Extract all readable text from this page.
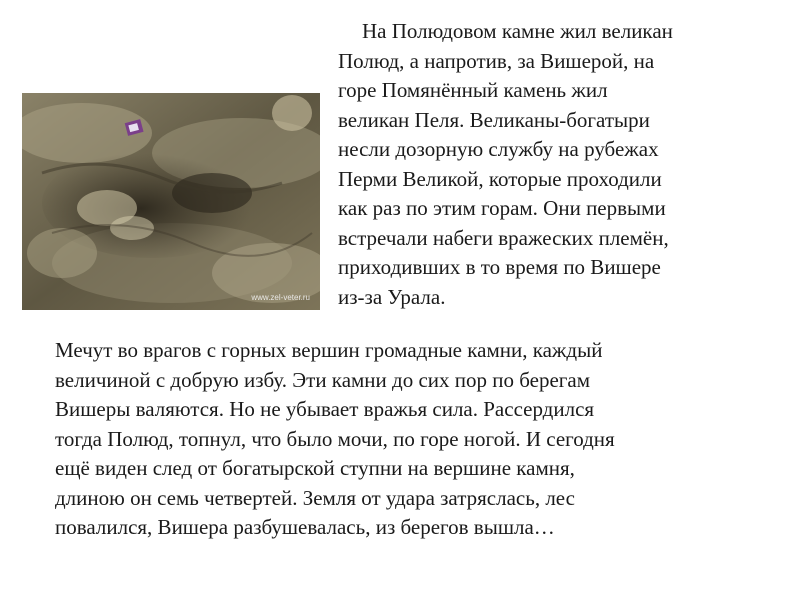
www.zel-veter.ru

На Полюдовом камне жил великан
Полюд, а напротив, за Вишерой, на
горе Помянённый камень жил
великан Пеля. Великаны-богатыри
несли дозорную службу на рубежах
Перми Великой, которые проходили
как раз по этим горам. Они первыми
встречали набеги вражеских племён,
приходивших в то время по Вишере
из-за Урала.

Мечут во врагов с горных вершин громадные камни, каждый
величиной с добрую избу. Эти камни до сих пор по берегам
Вишеры валяются. Но не убывает вражья сила. Рассердился
тогда Полюд, топнул, что было мочи, по горе ногой. И сегодня
ещё виден след от богатырской ступни на вершине камня,
длиною он семь четвертей. Земля от удара затряслась, лес
повалился, Вишера разбушевалась, из берегов вышла…
